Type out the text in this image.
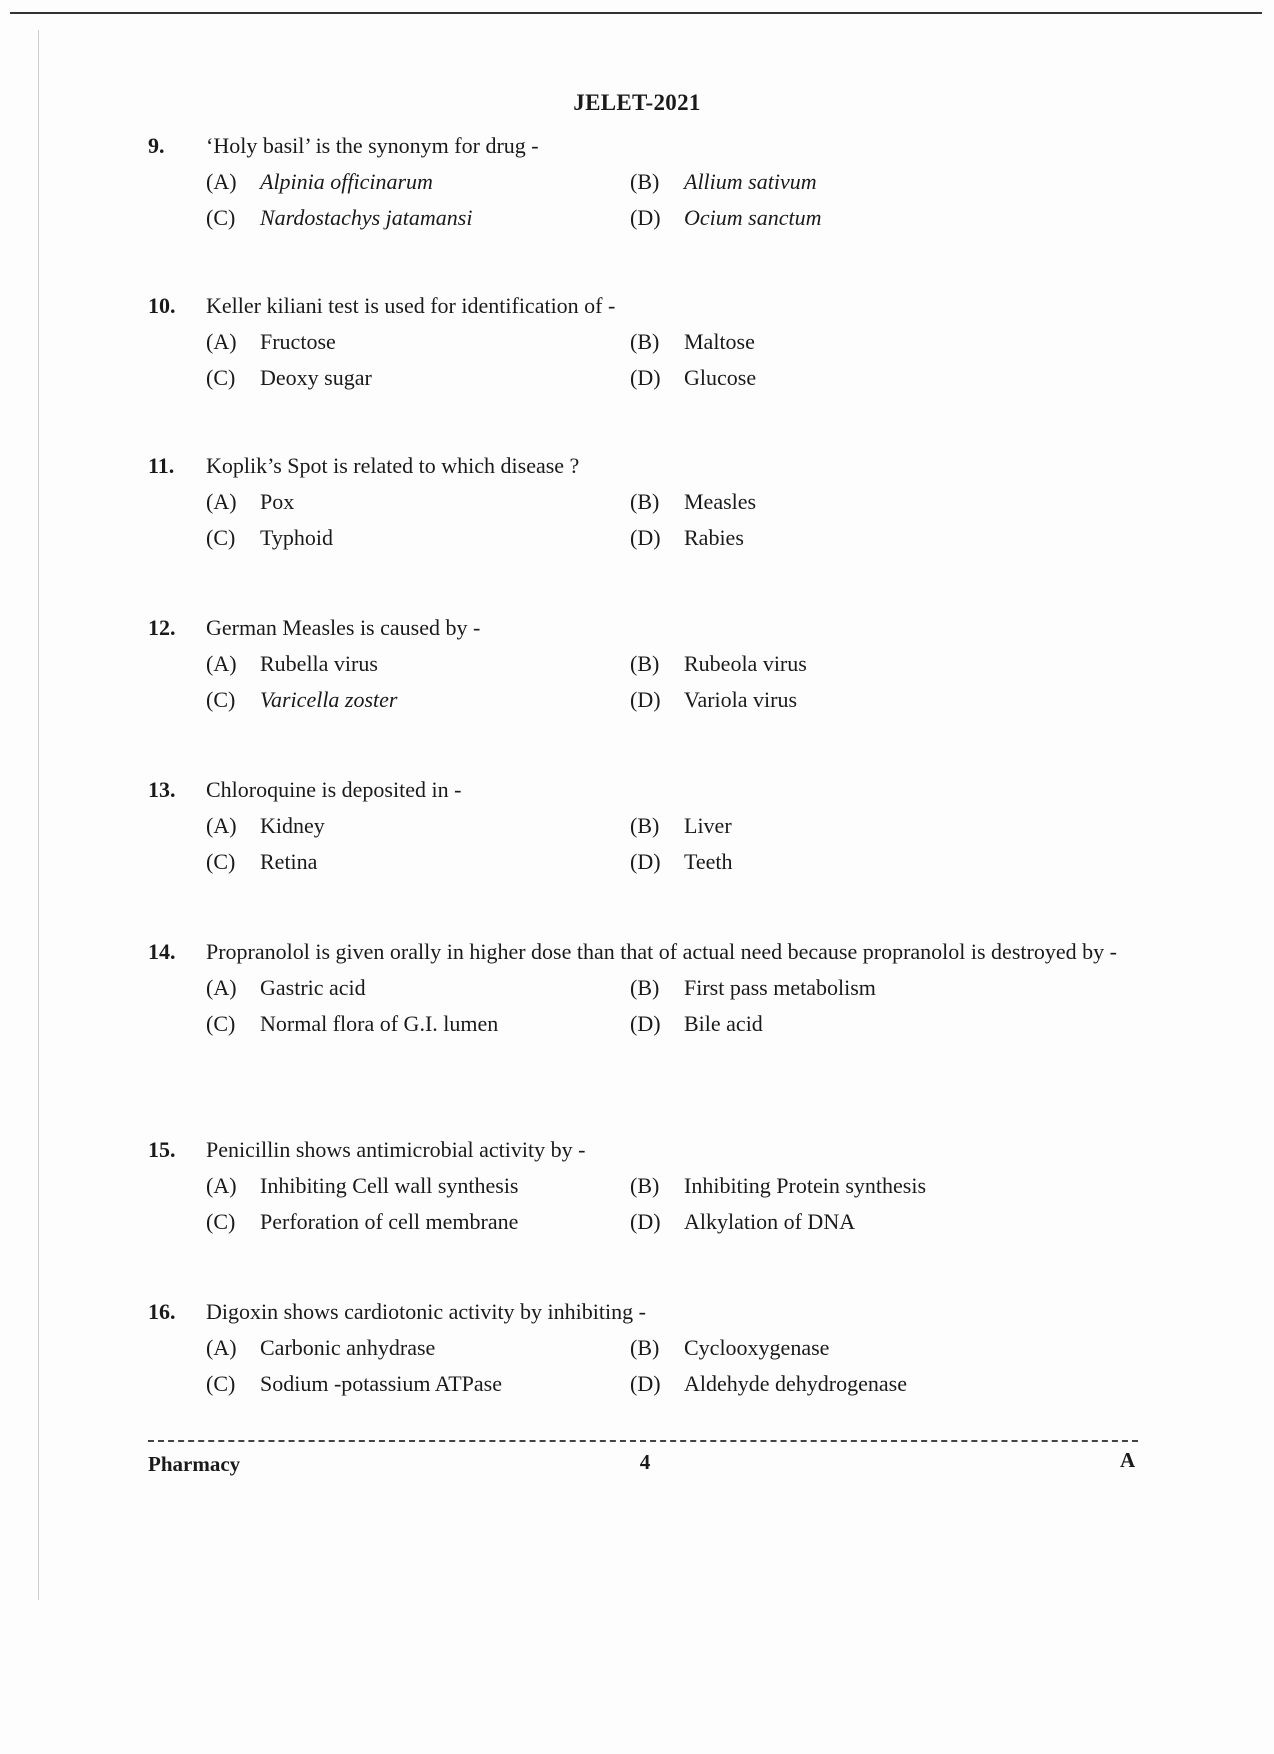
JELET-2021
9.	‘Holy basil’ is the synonym for drug -
(A)	Alpinia officinarum	(B)	Allium sativum
(C)	Nardostachys jatamansi	(D)	Ocium sanctum
10.	Keller kiliani test is used for identification of -
(A)	Fructose	(B)	Maltose
(C)	Deoxy sugar	(D)	Glucose
11.	Koplik’s Spot is related to which disease ?
(A)	Pox	(B)	Measles
(C)	Typhoid	(D)	Rabies
12.	German Measles is caused by -
(A)	Rubella virus	(B)	Rubeola virus
(C)	Varicella zoster	(D)	Variola virus
13.	Chloroquine is deposited in -
(A)	Kidney	(B)	Liver
(C)	Retina	(D)	Teeth
14.	Propranolol is given orally in higher dose than that of actual need because propranolol is destroyed by -
(A)	Gastric acid	(B)	First pass metabolism
(C)	Normal flora of G.I. lumen	(D)	Bile acid
15.	Penicillin shows antimicrobial activity by -
(A)	Inhibiting Cell wall synthesis	(B)	Inhibiting Protein synthesis
(C)	Perforation of cell membrane	(D)	Alkylation of DNA
16.	Digoxin shows cardiotonic activity by inhibiting -
(A)	Carbonic anhydrase	(B)	Cyclooxygenase
(C)	Sodium -potassium ATPase	(D)	Aldehyde dehydrogenase
Pharmacy	4	A
